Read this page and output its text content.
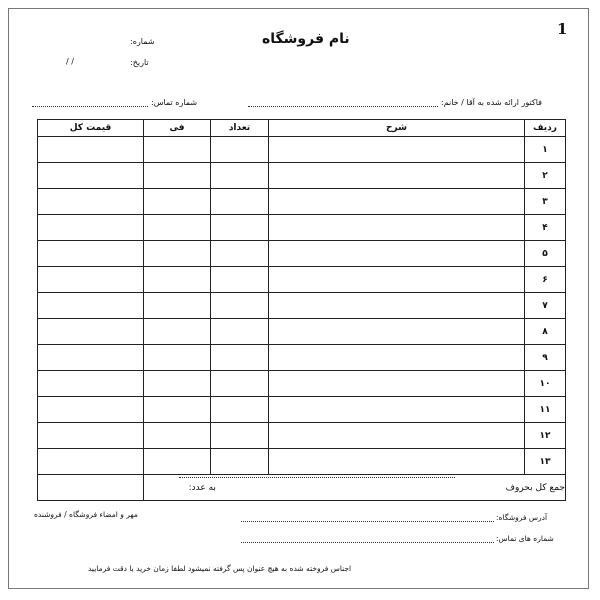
1
نام فروشگاه
شماره:
تاریخ:
/ /
فاکتور ارائه شده به آقا / خانم:
شماره تماس:
ردیف	شرح	تعداد	فی	قیمت کل
۱				
۲				
۳				
۴				
۵				
۶				
۷				
۸				
۹				
۱۰				
۱۱				
۱۲				
۱۳				
جمع کل بحروف  به عدد:				
مهر و امضاء فروشگاه / فروشنده	آدرس فروشگاه:
شماره های تماس:
اجناس فروخته شده به هیچ عنوان پس گرفته نمیشود لطفا زمان خرید با دقت فرمایید
